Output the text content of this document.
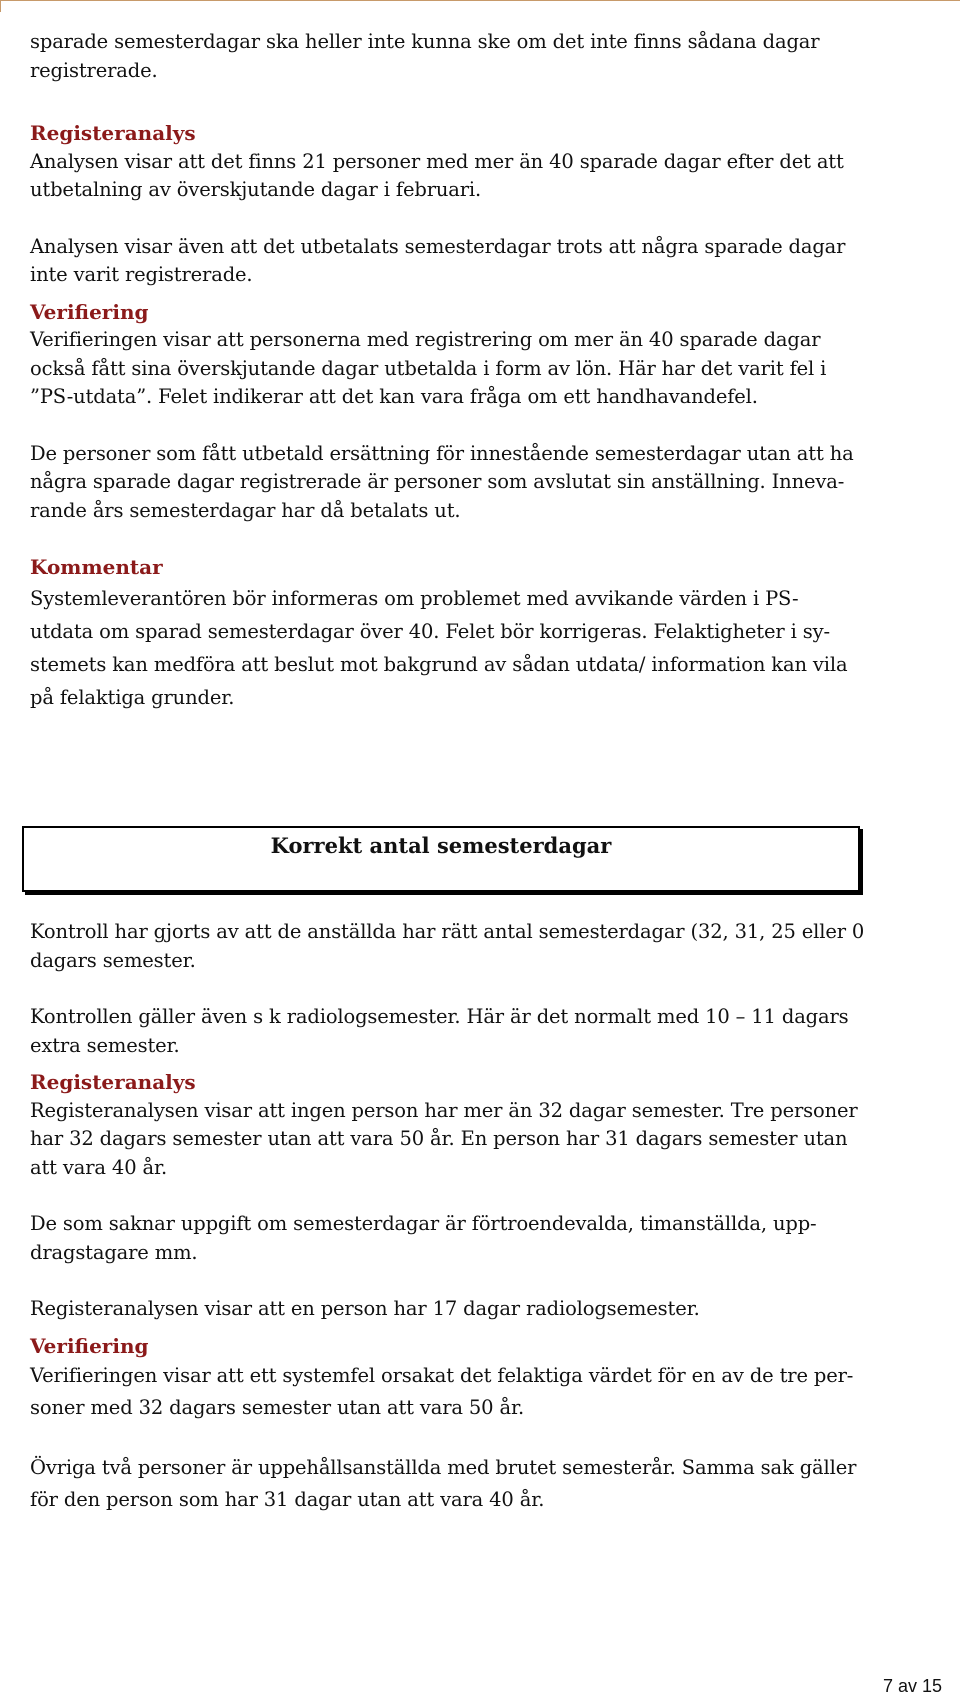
sparade semesterdagar ska heller inte kunna ske om det inte finns sådana dagar

registrerade.

Registeranalys

Analysen visar att det finns 21 personer med mer än 40 sparade dagar efter det att

utbetalning av överskjutande dagar i februari.

Analysen visar även att det utbetalats semesterdagar trots att några sparade dagar

inte varit registrerade.

Verifiering

Verifieringen visar att personerna med registrering om mer än 40 sparade dagar

också fått sina överskjutande dagar utbetalda i form av lön. Här har det varit fel i

”PS-utdata”. Felet indikerar att det kan vara fråga om ett handhavandefel.

De personer som fått utbetald ersättning för innestående semesterdagar utan att ha

några sparade dagar registrerade är personer som avslutat sin anställning. Inneva-

rande års semesterdagar har då betalats ut.

Kommentar

Systemleverantören bör informeras om problemet med avvikande värden i PS-

utdata om sparad semesterdagar över 40. Felet bör korrigeras. Felaktigheter i sy-

stemets kan medföra att beslut mot bakgrund av sådan utdata/ information kan vila

på felaktiga grunder.

Korrekt antal semesterdagar

Kontroll har gjorts av att de anställda har rätt antal semesterdagar (32, 31, 25 eller 0

dagars semester.

Kontrollen gäller även s k radiologsemester. Här är det normalt med 10 – 11 dagars

extra semester.

Registeranalys

Registeranalysen visar att ingen person har mer än 32 dagar semester. Tre personer

har 32 dagars semester utan att vara 50 år. En person har 31 dagars semester utan

att vara 40 år.

De som saknar uppgift om semesterdagar är förtroendevalda, timanställda, upp-

dragstagare mm.

Registeranalysen visar att en person har 17 dagar radiologsemester.

Verifiering

Verifieringen visar att ett systemfel orsakat det felaktiga värdet för en av de tre per-

soner med 32 dagars semester utan att vara 50 år.

Övriga två personer är uppehållsanställda med brutet semesterår. Samma sak gäller

för den person som har 31 dagar utan att vara 40 år.

7 av 15
